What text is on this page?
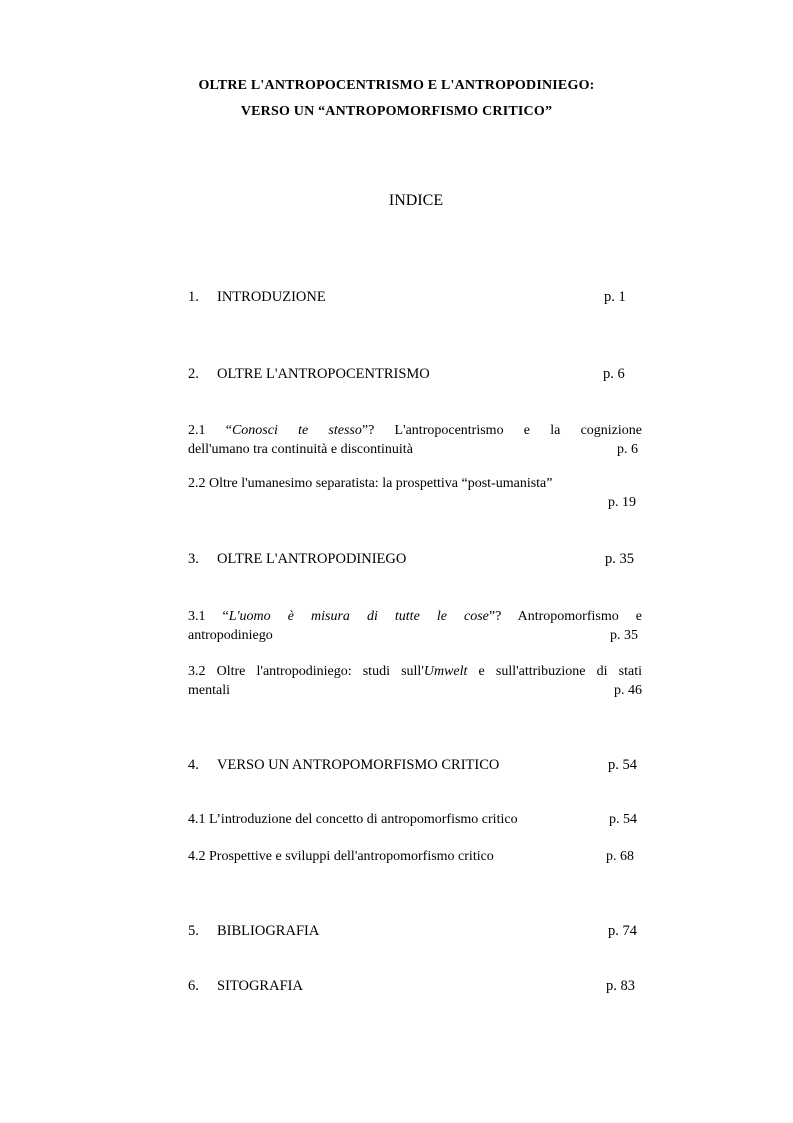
OLTRE L'ANTROPOCENTRISMO E L'ANTROPODINIEGO:
VERSO UN “ANTROPOMORFISMO CRITICO”
INDICE
1. INTRODUZIONE	p. 1
2. OLTRE L'ANTROPOCENTRISMO	p. 6
2.1 “Conosci te stesso”? L'antropocentrismo e la cognizione
dell'umano tra continuità e discontinuità	p. 6
2.2 Oltre l'umanesimo separatista: la prospettiva “post-umanista”
p. 19
3. OLTRE L'ANTROPODINIEGO	p. 35
3.1 “L'uomo è misura di tutte le cose”? Antropomorfismo e
antropodiniego	p. 35
3.2 Oltre l'antropodiniego: studi sull'Umwelt e sull'attribuzione di stati
mentali	p. 46
4. VERSO UN ANTROPOMORFISMO CRITICO	p. 54
4.1 L’introduzione del concetto di antropomorfismo critico	p. 54
4.2 Prospettive e sviluppi dell'antropomorfismo critico	p. 68
5. BIBLIOGRAFIA	p. 74
6. SITOGRAFIA	p. 83
